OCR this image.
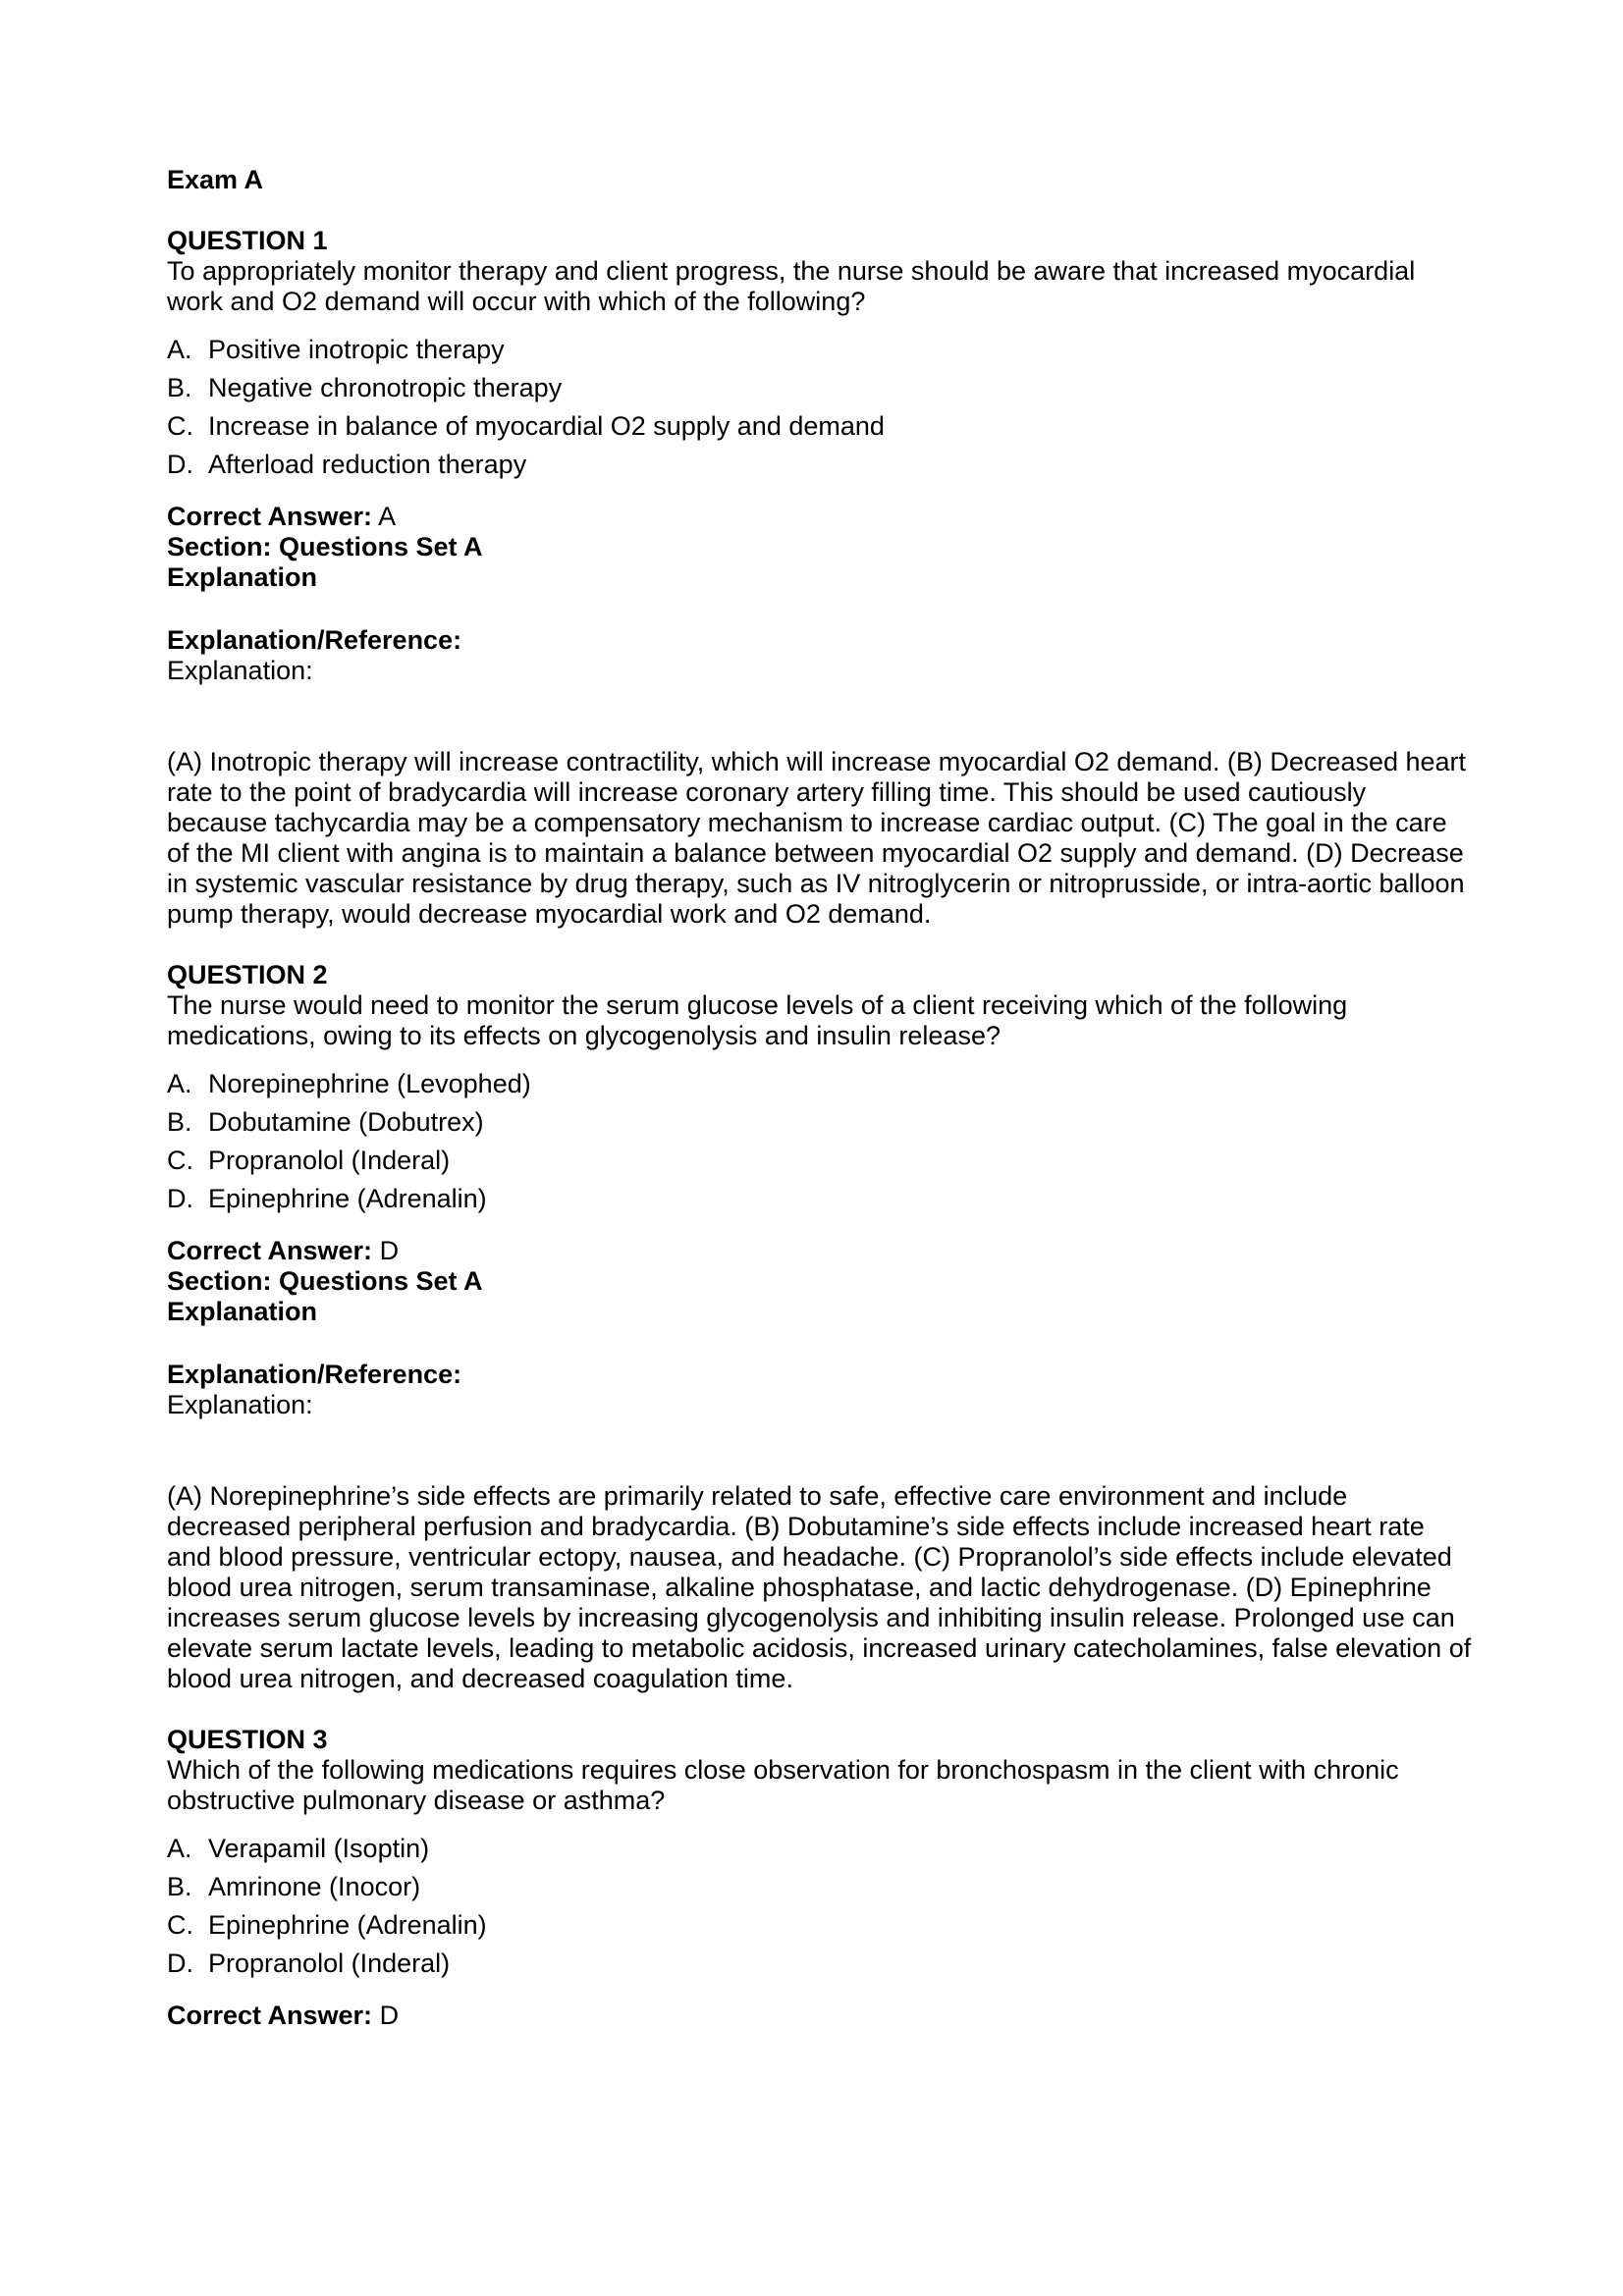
Exam A
QUESTION 1
To appropriately monitor therapy and client progress, the nurse should be aware that increased myocardial work and O2 demand will occur with which of the following?
A. Positive inotropic therapy
B. Negative chronotropic therapy
C. Increase in balance of myocardial O2 supply and demand
D. Afterload reduction therapy
Correct Answer: A
Section: Questions Set A
Explanation
Explanation/Reference:
Explanation:

(A) Inotropic therapy will increase contractility, which will increase myocardial O2 demand. (B) Decreased heart rate to the point of bradycardia will increase coronary artery filling time. This should be used cautiously because tachycardia may be a compensatory mechanism to increase cardiac output. (C) The goal in the care of the MI client with angina is to maintain a balance between myocardial O2 supply and demand. (D) Decrease in systemic vascular resistance by drug therapy, such as IV nitroglycerin or nitroprusside, or intra-aortic balloon pump therapy, would decrease myocardial work and O2 demand.

QUESTION 2
The nurse would need to monitor the serum glucose levels of a client receiving which of the following medications, owing to its effects on glycogenolysis and insulin release?
A. Norepinephrine (Levophed)
B. Dobutamine (Dobutrex)
C. Propranolol (Inderal)
D. Epinephrine (Adrenalin)
Correct Answer: D
Section: Questions Set A
Explanation
Explanation/Reference:
Explanation:

(A) Norepinephrine’s side effects are primarily related to safe, effective care environment and include decreased peripheral perfusion and bradycardia. (B) Dobutamine’s side effects include increased heart rate and blood pressure, ventricular ectopy, nausea, and headache. (C) Propranolol’s side effects include elevated blood urea nitrogen, serum transaminase, alkaline phosphatase, and lactic dehydrogenase. (D) Epinephrine increases serum glucose levels by increasing glycogenolysis and inhibiting insulin release. Prolonged use can elevate serum lactate levels, leading to metabolic acidosis, increased urinary catecholamines, false elevation of blood urea nitrogen, and decreased coagulation time.

QUESTION 3
Which of the following medications requires close observation for bronchospasm in the client with chronic obstructive pulmonary disease or asthma?
A. Verapamil (Isoptin)
B. Amrinone (Inocor)
C. Epinephrine (Adrenalin)
D. Propranolol (Inderal)
Correct Answer: D
